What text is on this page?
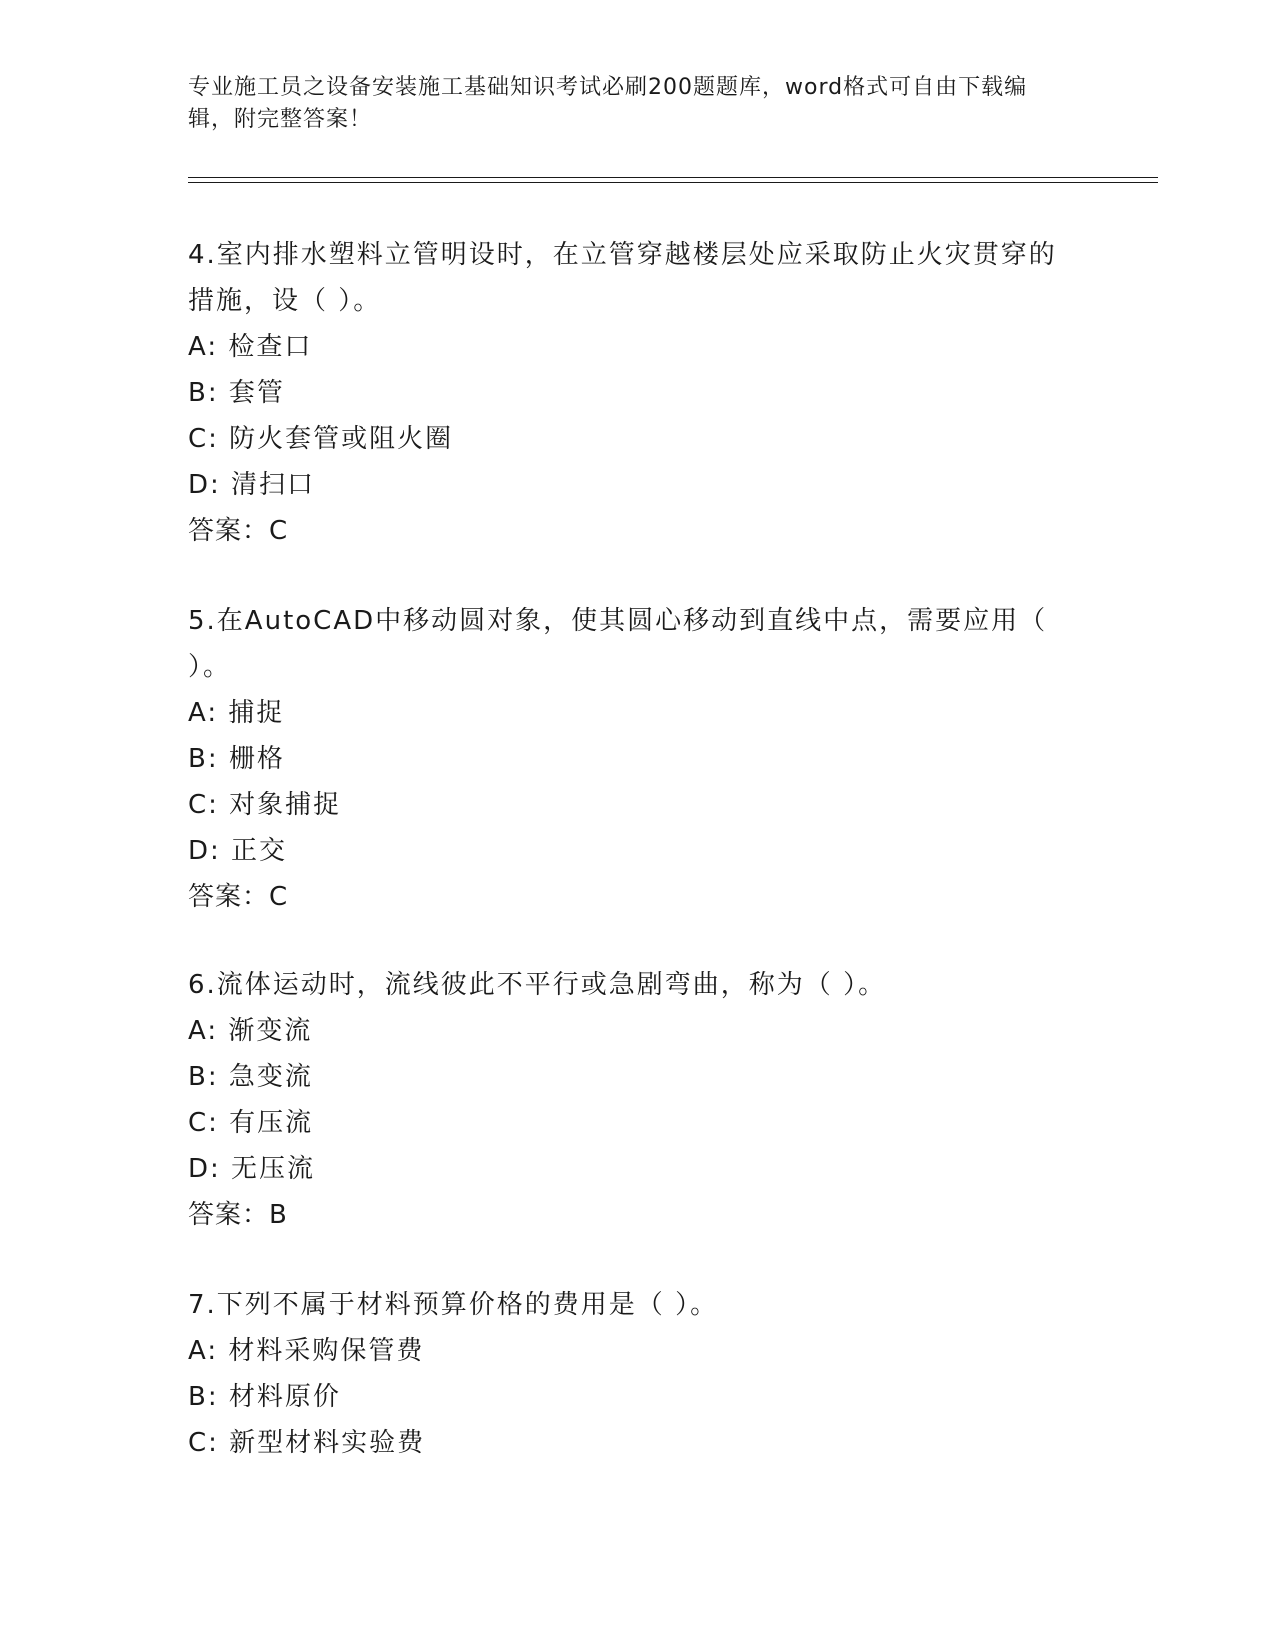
专业施工员之设备安装施工基础知识考试必刷200题题库，word格式可自由下载编辑，附完整答案！
4.室内排水塑料立管明设时，在立管穿越楼层处应采取防止火灾贯穿的措施，设（ ）。
A: 检查口
B: 套管
C: 防火套管或阻火圈
D: 清扫口
答案：C
5.在AutoCAD中移动圆对象，使其圆心移动到直线中点，需要应用（ ）。
A: 捕捉
B: 栅格
C: 对象捕捉
D: 正交
答案：C
6.流体运动时，流线彼此不平行或急剧弯曲，称为（ ）。
A: 渐变流
B: 急变流
C: 有压流
D: 无压流
答案：B
7.下列不属于材料预算价格的费用是（ ）。
A: 材料采购保管费
B: 材料原价
C: 新型材料实验费
